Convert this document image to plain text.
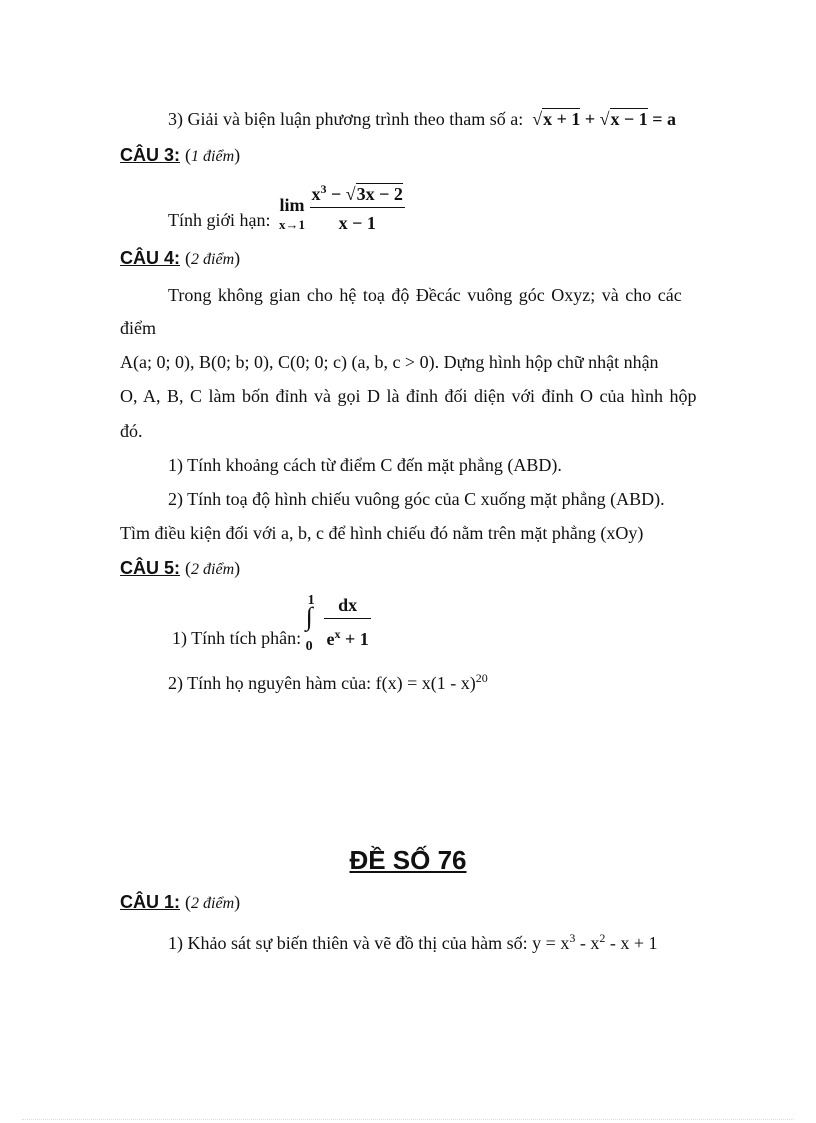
3) Giải và biện luận phương trình theo tham số a:  √x + 1 + √x − 1 = a
CÂU 3: (1 điểm)
Tính giới hạn:
lim
x→1
$\frac{x^3 - √3x - 2}{x - 1}$
CÂU 4: (2 điểm)
Trong không gian cho hệ toạ độ Đềcác vuông góc Oxyz; và cho các
điểm
A(a; 0; 0), B(0; b; 0), C(0; 0; c) (a, b, c > 0). Dựng hình hộp chữ nhật nhận
O, A, B, C làm bốn đỉnh và gọi D là đỉnh đối diện với đỉnh O của hình hộp
đó.
1) Tính khoảng cách từ điểm C đến mặt phẳng (ABD).
2) Tính toạ độ hình chiếu vuông góc của C xuống mặt phẳng (ABD).
Tìm điều kiện đối với a, b, c để hình chiếu đó nằm trên mặt phẳng (xOy)
CÂU 5: (2 điểm)
1) Tính tích phân:
1
∫
0
$\frac{dx}{e^x + 1}$
2) Tính họ nguyên hàm của: f(x) = x(1 - x)$^{20}$
ĐỀ SỐ 76
CÂU 1: (2 điểm)
1) Khảo sát sự biến thiên và vẽ đồ thị của hàm số: $y = x^3 - x^2 - x + 1$
